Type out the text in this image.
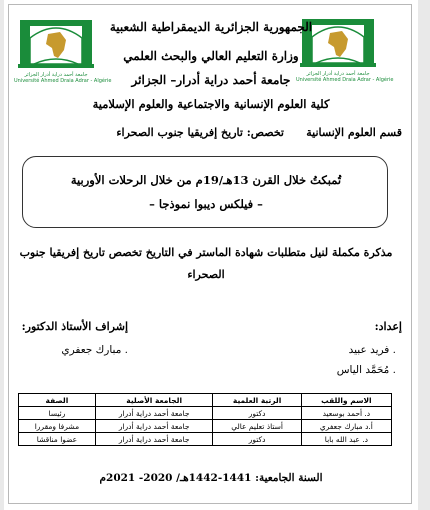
جامعة أحمد دراية أدرار الجزائر
Université Ahmed Draia Adrar - Algérie
جامعة أحمد دراية أدرار الجزائر
Université Ahmed Draia Adrar - Algérie
الجمهورية الجزائرية الديمقراطية الشعبية
وزارة التعليم العالي والبحث العلمي
جامعة أحمد دراية أدرار– الجزائر
كلية العلوم الإنسانية والاجتماعية والعلوم الإسلامية
قسم العلوم الإنسانية
تخصص: تاريخ إفريقيا جنوب الصحراء
تُمبكتُ خلال القرن 13هـ/19م من خلال الرحلات الأوربية
– فيلكس ديبوا نموذجا –
مذكرة مكملة لنيل متطلبات شهادة الماستر في التاريخ تخصص تاريخ إفريقيا جنوب
الصحراء
إعداد:
إشراف الأستاذ الدكتور:
. فريد عبيد
. مُحَمَّد الياس
. مبارك جعفري
الاسم واللقب	الرتبة العلمية	الجامعة الأصلية	الصفة
د. أحمد بوسعيد	دكتور	جامعة أحمد دراية أدرار	رئيسا
أ.د مبارك جعفري	أستاذ تعليم عالي	جامعة أحمد دراية أدرار	مشرفا ومقررا
د. عبد الله بابا	دكتور	جامعة أحمد دراية أدرار	عضوا مناقشا
السنة الجامعية: 1441-1442هـ/ 2020- 2021م
